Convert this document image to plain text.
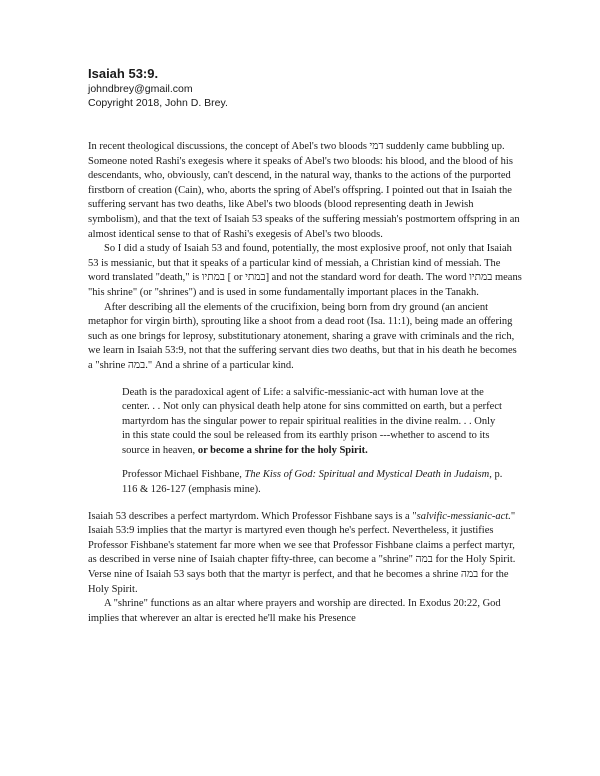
Isaiah 53:9.

johndbrey@gmail.com

Copyright 2018, John D. Brey.

In recent theological discussions, the concept of Abel's two bloods דמי suddenly came bubbling up. Someone noted Rashi's exegesis where it speaks of Abel's two bloods: his blood, and the blood of his descendants, who, obviously, can't descend, in the natural way, thanks to the actions of the purported firstborn of creation (Cain), who, aborts the spring of Abel's offspring. I pointed out that in Isaiah the suffering servant has two deaths, like Abel's two bloods (blood representing death in Jewish symbolism), and that the text of Isaiah 53 speaks of the suffering messiah's postmortem offspring in an almost identical sense to that of Rashi's exegesis of Abel's two bloods.

So I did a study of Isaiah 53 and found, potentially, the most explosive proof, not only that Isaiah 53 is messianic, but that it speaks of a particular kind of messiah, a Christian kind of messiah. The word translated "death," is במתיו [ or במתי] and not the standard word for death. The word במתיו means "his shrine" (or "shrines") and is used in some fundamentally important places in the Tanakh.

After describing all the elements of the crucifixion, being born from dry ground (an ancient metaphor for virgin birth), sprouting like a shoot from a dead root (Isa. 11:1), being made an offering such as one brings for leprosy, substitutionary atonement, sharing a grave with criminals and the rich, we learn in Isaiah 53:9, not that the suffering servant dies two deaths, but that in his death he becomes a "shrine במה." And a shrine of a particular kind.

Death is the paradoxical agent of Life: a salvific-messianic-act with human love at the center. . . Not only can physical death help atone for sins committed on earth, but a perfect martyrdom has the singular power to repair spiritual realities in the divine realm. . . Only in this state could the soul be released from its earthly prison ---whether to ascend to its source in heaven, or become a shrine for the holy Spirit.

Professor Michael Fishbane, The Kiss of God: Spiritual and Mystical Death in Judaism, p. 116 & 126-127 (emphasis mine).

Isaiah 53 describes a perfect martyrdom. Which Professor Fishbane says is a "salvific-messianic-act." Isaiah 53:9 implies that the martyr is martyred even though he's perfect. Nevertheless, it justifies Professor Fishbane's statement far more when we see that Professor Fishbane claims a perfect martyr, as described in verse nine of Isaiah chapter fifty-three, can become a "shrine" במה for the Holy Spirit. Verse nine of Isaiah 53 says both that the martyr is perfect, and that he becomes a shrine במה for the Holy Spirit.

A "shrine" functions as an altar where prayers and worship are directed. In Exodus 20:22, God implies that wherever an altar is erected he'll make his Presence
